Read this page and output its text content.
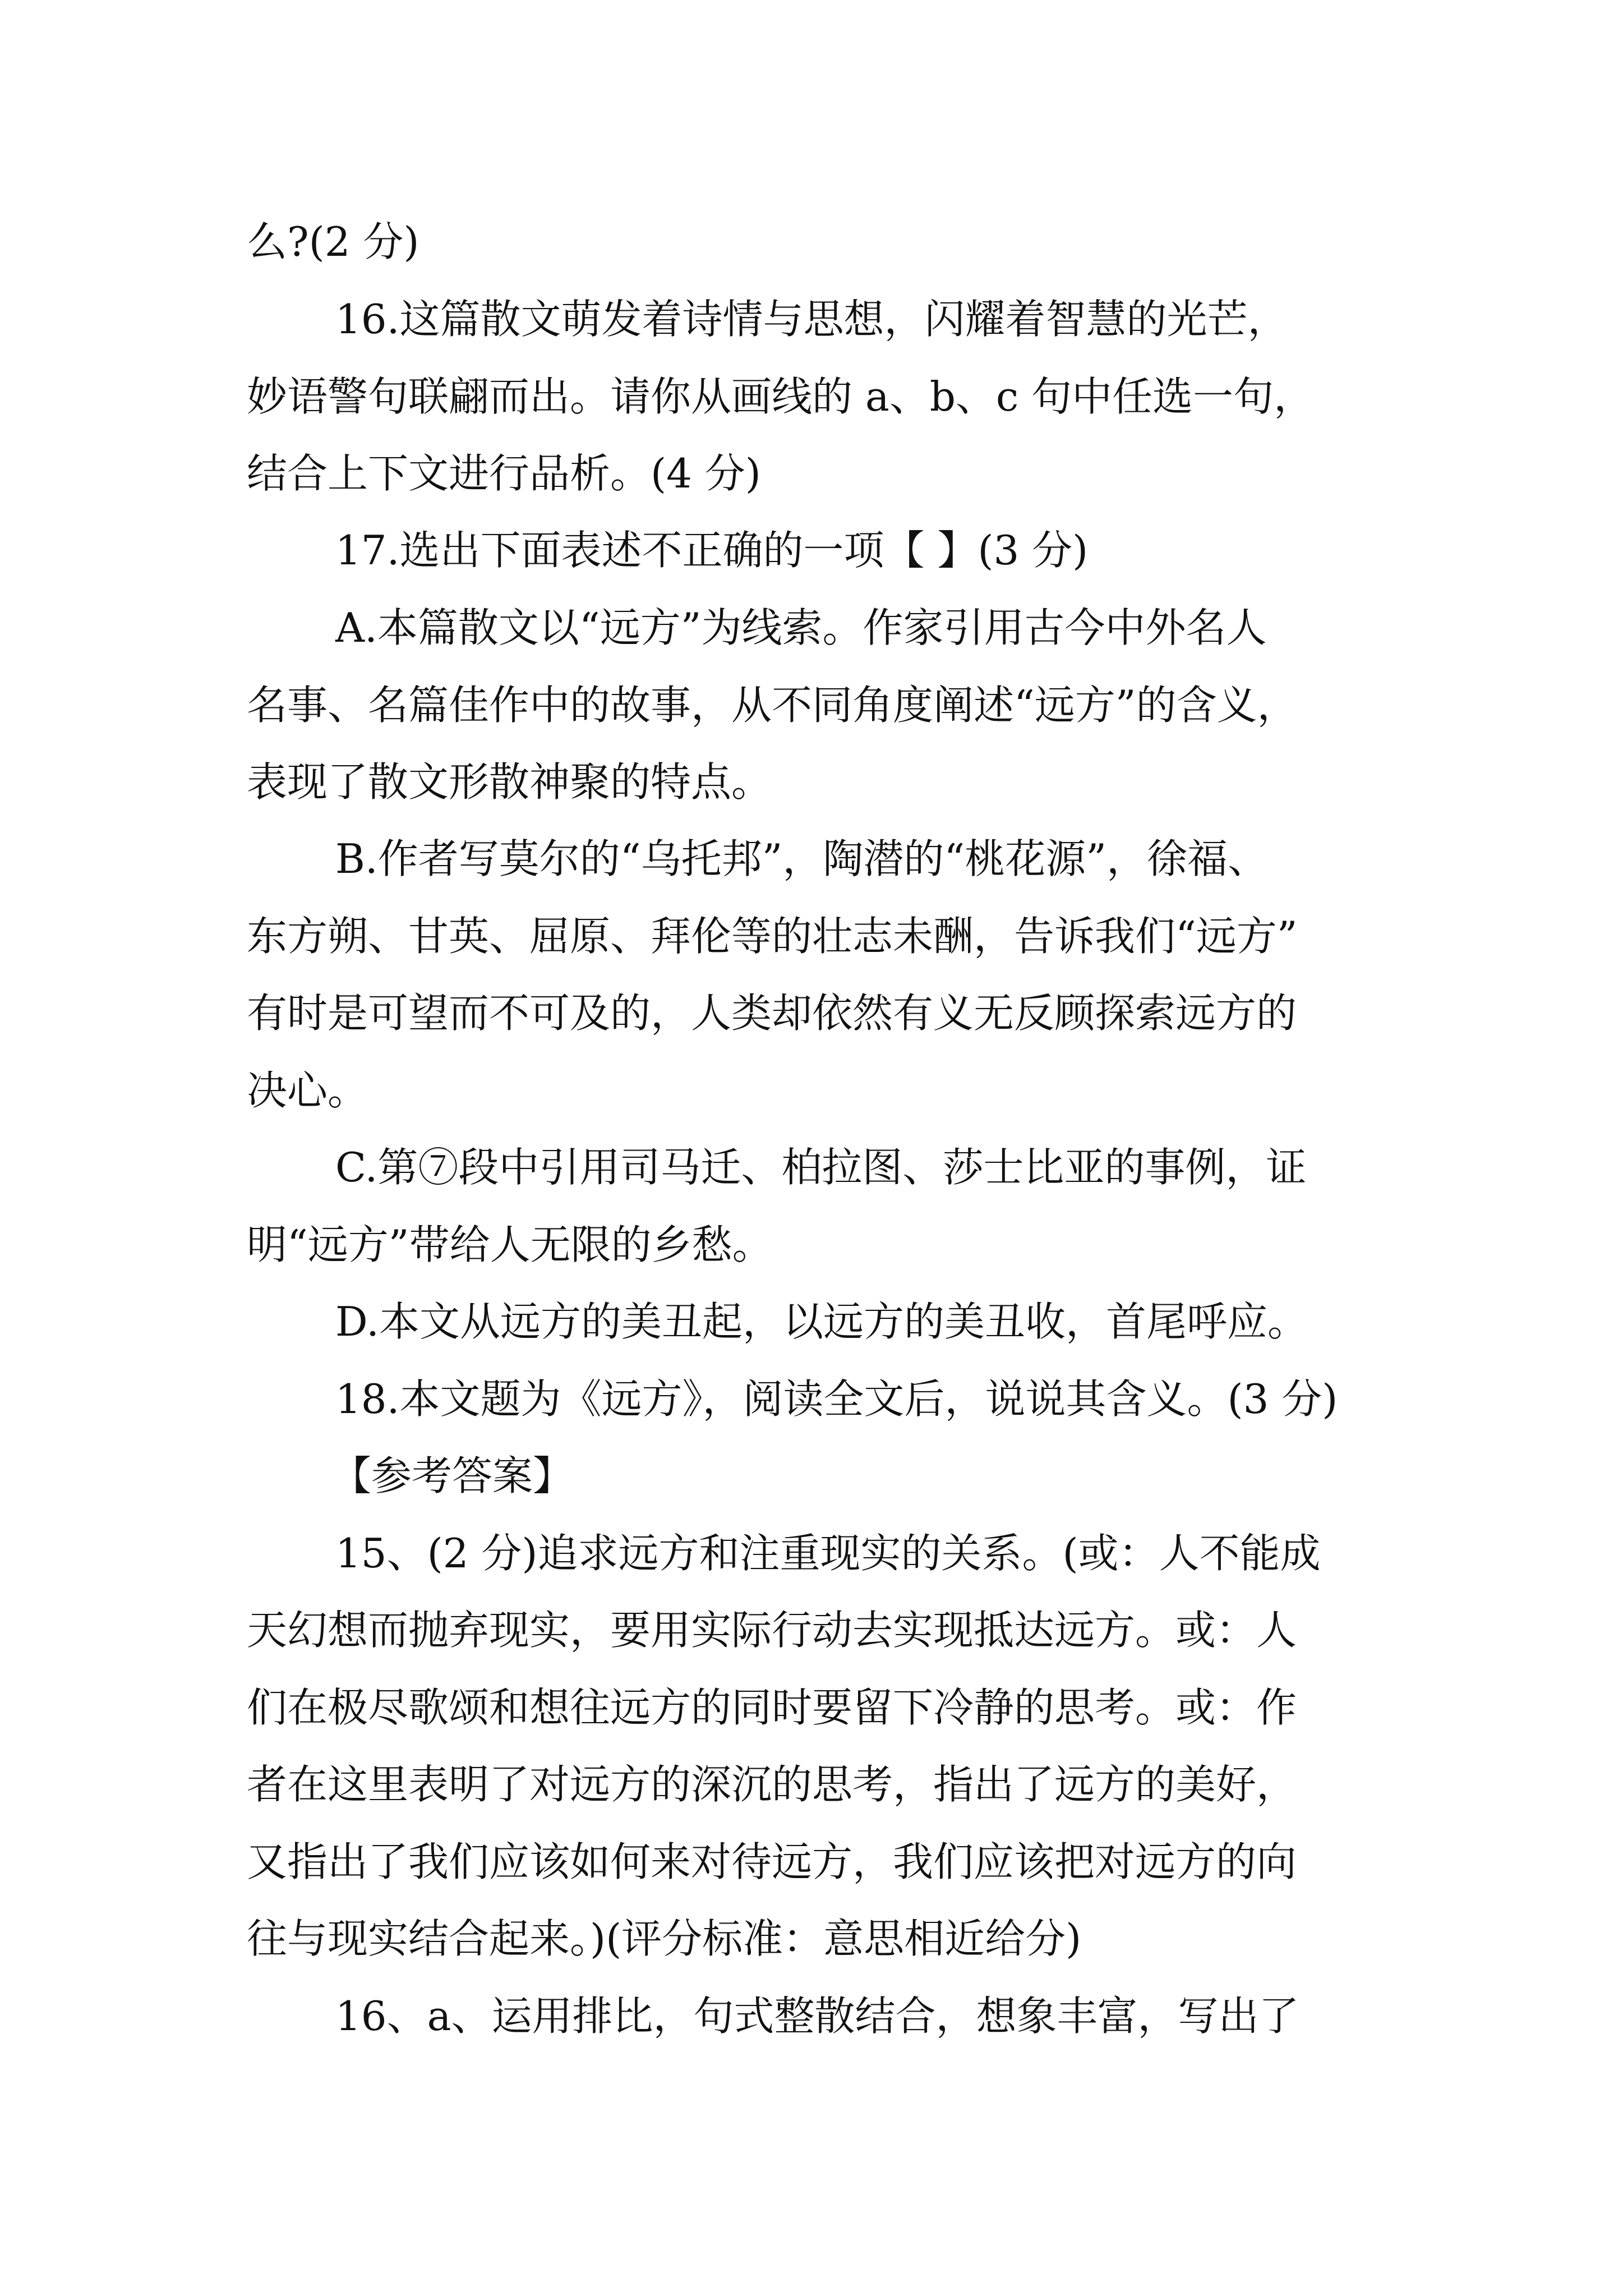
么?(2 分)
16.这篇散文萌发着诗情与思想，闪耀着智慧的光芒，
妙语警句联翩而出。请你从画线的 a、b、c 句中任选一句，
结合上下文进行品析。(4 分)
17.选出下面表述不正确的一项【 】(3 分)
A.本篇散文以“远方”为线索。作家引用古今中外名人
名事、名篇佳作中的故事，从不同角度阐述“远方”的含义，
表现了散文形散神聚的特点。
B.作者写莫尔的“乌托邦”，陶潜的“桃花源”，徐福、
东方朔、甘英、屈原、拜伦等的壮志未酬，告诉我们“远方”
有时是可望而不可及的，人类却依然有义无反顾探索远方的
决心。
C.第⑦段中引用司马迁、柏拉图、莎士比亚的事例，证
明“远方”带给人无限的乡愁。
D.本文从远方的美丑起，以远方的美丑收，首尾呼应。
18.本文题为《远方》，阅读全文后，说说其含义。(3 分)
【参考答案】
15、(2 分)追求远方和注重现实的关系。(或：人不能成
天幻想而抛弃现实，要用实际行动去实现抵达远方。或：人
们在极尽歌颂和想往远方的同时要留下冷静的思考。或：作
者在这里表明了对远方的深沉的思考，指出了远方的美好，
又指出了我们应该如何来对待远方，我们应该把对远方的向
往与现实结合起来。)(评分标准：意思相近给分)
16、a、运用排比，句式整散结合，想象丰富，写出了
